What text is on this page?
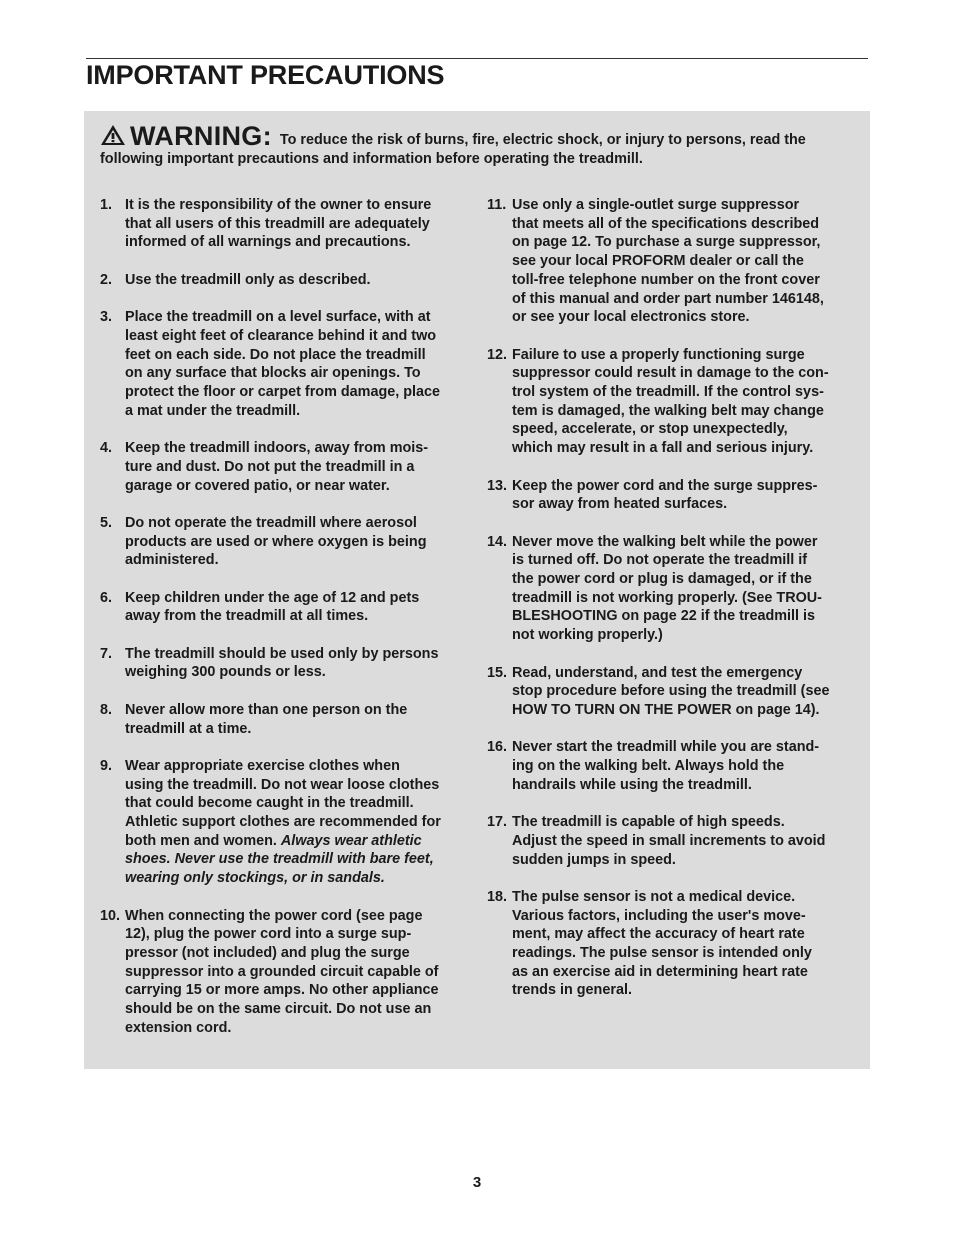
IMPORTANT PRECAUTIONS
WARNING: To reduce the risk of burns, fire, electric shock, or injury to persons, read the following important precautions and information before operating the treadmill.
1. It is the responsibility of the owner to ensure
that all users of this treadmill are adequately
informed of all warnings and precautions.
2. Use the treadmill only as described.
3. Place the treadmill on a level surface, with at
least eight feet of clearance behind it and two
feet on each side. Do not place the treadmill
on any surface that blocks air openings. To
protect the floor or carpet from damage, place
a mat under the treadmill.
4. Keep the treadmill indoors, away from mois-
ture and dust. Do not put the treadmill in a
garage or covered patio, or near water.
5. Do not operate the treadmill where aerosol
products are used or where oxygen is being
administered.
6. Keep children under the age of 12 and pets
away from the treadmill at all times.
7. The treadmill should be used only by persons
weighing 300 pounds or less.
8. Never allow more than one person on the
treadmill at a time.
9. Wear appropriate exercise clothes when
using the treadmill. Do not wear loose clothes
that could become caught in the treadmill.
Athletic support clothes are recommended for
both men and women. Always wear athletic
shoes. Never use the treadmill with bare feet,
wearing only stockings, or in sandals.
10. When connecting the power cord (see page
12), plug the power cord into a surge sup-
pressor (not included) and plug the surge
suppressor into a grounded circuit capable of
carrying 15 or more amps. No other appliance
should be on the same circuit. Do not use an
extension cord.
11. Use only a single-outlet surge suppressor
that meets all of the specifications described
on page 12. To purchase a surge suppressor,
see your local PROFORM dealer or call the
toll-free telephone number on the front cover
of this manual and order part number 146148,
or see your local electronics store.
12. Failure to use a properly functioning surge
suppressor could result in damage to the con-
trol system of the treadmill. If the control sys-
tem is damaged, the walking belt may change
speed, accelerate, or stop unexpectedly,
which may result in a fall and serious injury.
13. Keep the power cord and the surge suppres-
sor away from heated surfaces.
14. Never move the walking belt while the power
is turned off. Do not operate the treadmill if
the power cord or plug is damaged, or if the
treadmill is not working properly. (See TROU-
BLESHOOTING on page 22 if the treadmill is
not working properly.)
15. Read, understand, and test the emergency
stop procedure before using the treadmill (see
HOW TO TURN ON THE POWER on page 14).
16. Never start the treadmill while you are stand-
ing on the walking belt. Always hold the
handrails while using the treadmill.
17. The treadmill is capable of high speeds.
Adjust the speed in small increments to avoid
sudden jumps in speed.
18. The pulse sensor is not a medical device.
Various factors, including the user's move-
ment, may affect the accuracy of heart rate
readings. The pulse sensor is intended only
as an exercise aid in determining heart rate
trends in general.
3
